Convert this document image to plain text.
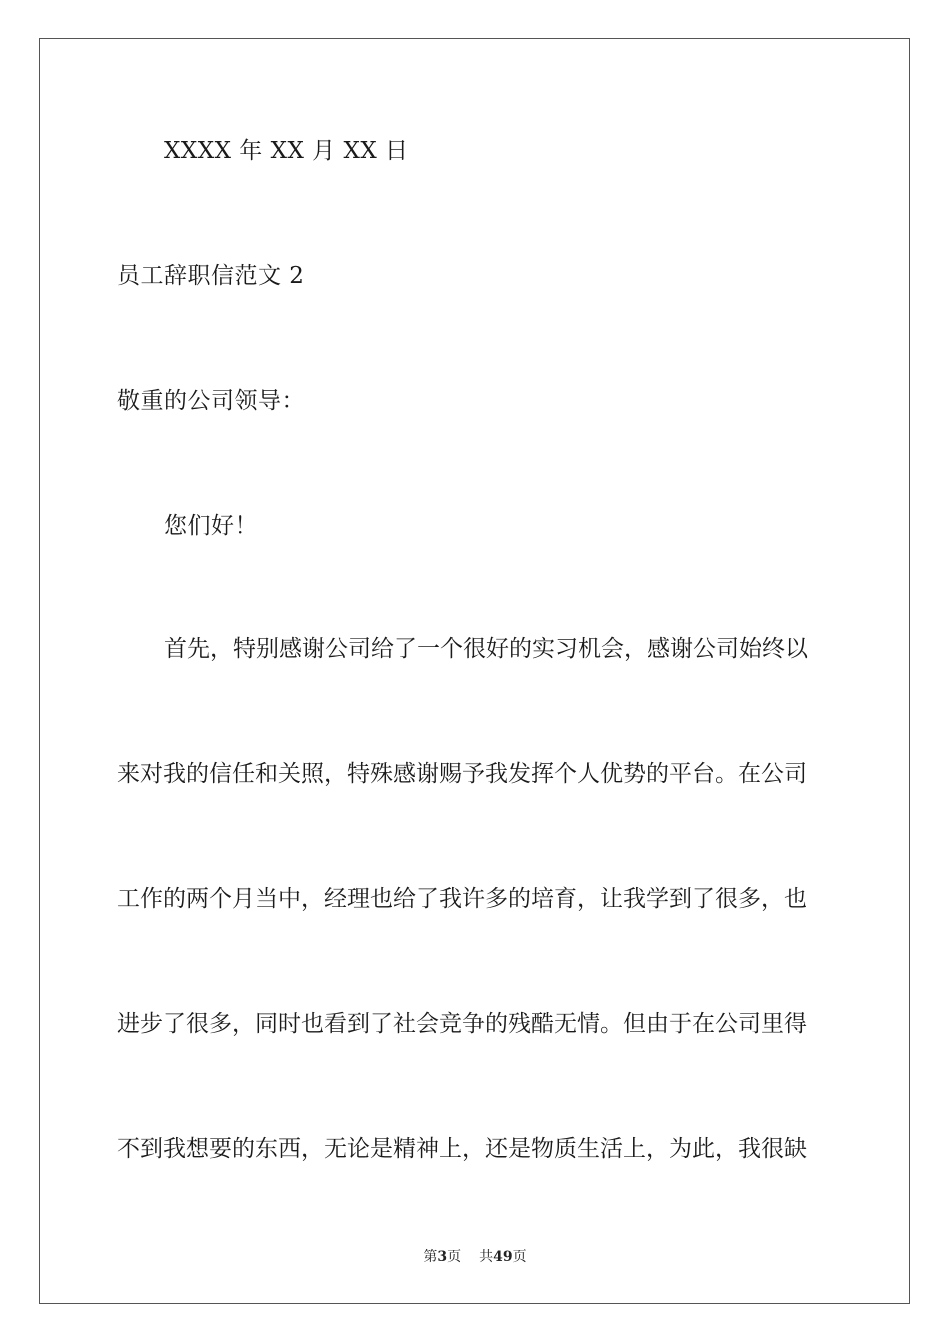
XXXX 年 XX 月 XX 日
员工辞职信范文 2
敬重的公司领导：
您们好！
首先，特别感谢公司给了一个很好的实习机会，感谢公司始终以
来对我的信任和关照，特殊感谢赐予我发挥个人优势的平台。在公司
工作的两个月当中，经理也给了我许多的培育，让我学到了很多，也
进步了很多，同时也看到了社会竞争的残酷无情。但由于在公司里得
不到我想要的东西，无论是精神上，还是物质生活上，为此，我很缺
第3页 共49页
